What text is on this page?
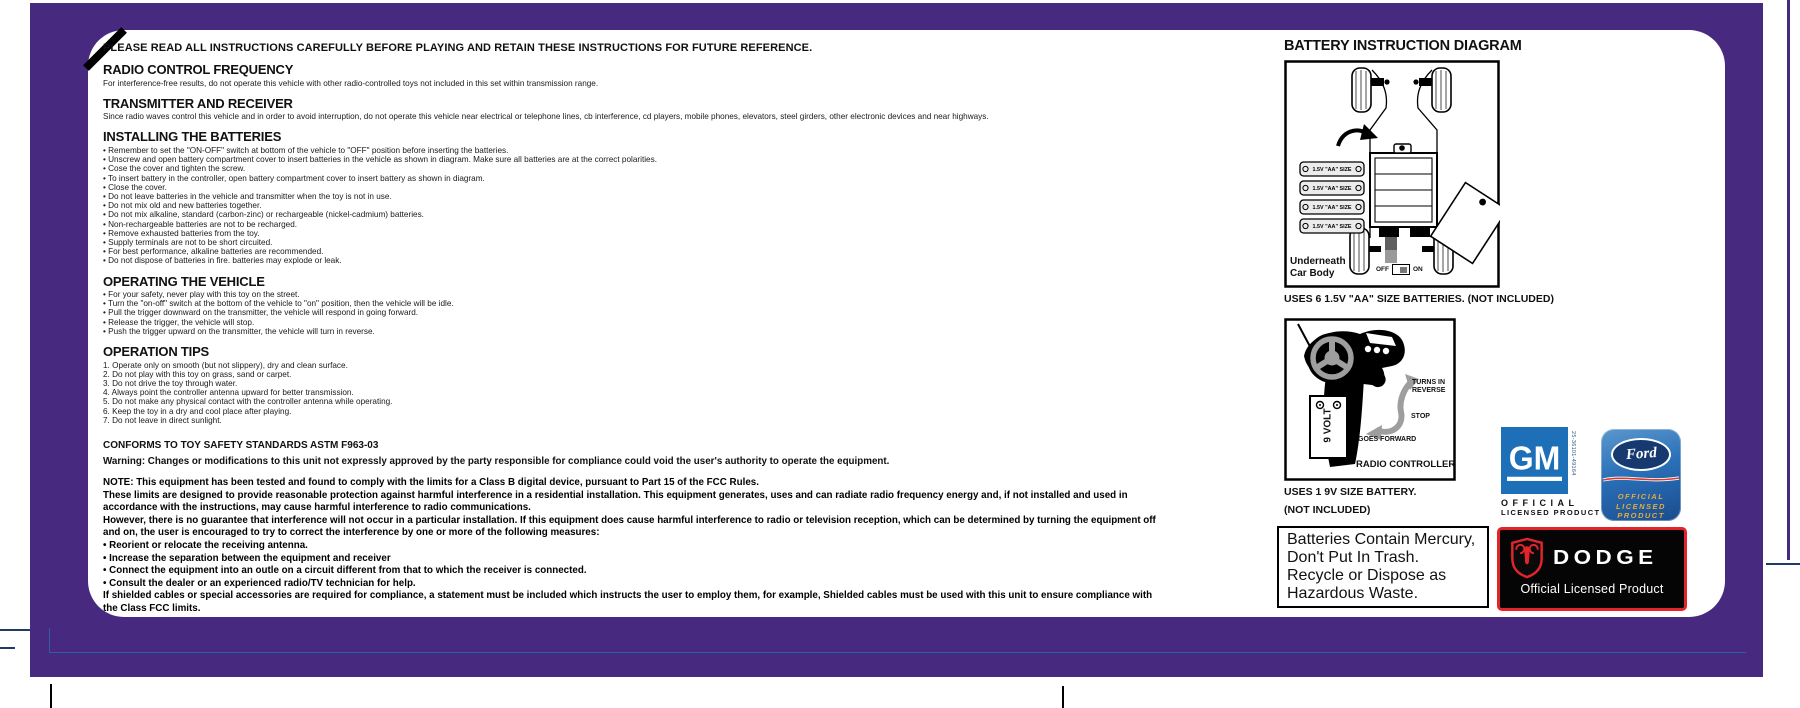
PLEASE READ ALL INSTRUCTIONS CAREFULLY BEFORE PLAYING AND RETAIN THESE INSTRUCTIONS FOR FUTURE REFERENCE.
RADIO CONTROL FREQUENCY
For interference-free results, do not operate this vehicle with other radio-controlled toys not included in this set within transmission range.
TRANSMITTER AND RECEIVER
Since radio waves control this vehicle and in order to avoid interruption, do not operate this vehicle near electrical or telephone lines, cb interference, cd players, mobile phones, elevators, steel girders, other electronic devices and near highways.
INSTALLING THE BATTERIES
• Remember to set the "ON-OFF" switch at bottom of the vehicle to "OFF" position before inserting the batteries.
• Unscrew and open battery compartment cover to insert batteries in the vehicle as shown in diagram. Make sure all batteries are at the correct polarities.
• Cose the cover and tighten the screw.
• To insert battery in the controller, open battery compartment cover to insert battery as shown in diagram.
• Close the cover.
• Do not leave batteries in the vehicle and transmitter when the toy is not in use.
• Do not mix old and new batteries together.
• Do not mix alkaline, standard (carbon-zinc) or rechargeable (nickel-cadmium) batteries.
• Non-rechargeable batteries are not to be recharged.
• Remove exhausted batteries from the toy.
• Supply terminals are not to be short circuited.
• For best performance, alkaline batteries are recommended.
• Do not dispose of batteries in fire. batteries may explode or leak.
OPERATING THE VEHICLE
• For your safety, never play with this toy on the street.
• Turn the "on-off" switch at the bottom of the vehicle to "on" position, then the vehicle will be idle.
• Pull the trigger downward on the transmitter, the vehicle will respond in going forward.
• Release the trigger, the vehicle will stop.
• Push the trigger upward on the transmitter, the vehicle will turn in reverse.
OPERATION TIPS
1. Operate only on smooth (but not slippery), dry and clean surface.
2. Do not play with this toy on grass, sand or carpet.
3. Do not drive the toy through water.
4. Always point the controller antenna upward for better transmission.
5. Do not make any physical contact with the controller antenna while operating.
6. Keep the toy in a dry and cool place after playing.
7. Do not leave in direct sunlight.
CONFORMS TO TOY SAFETY STANDARDS ASTM F963-03
Warning: Changes or modifications to this unit not expressly approved by the party responsible for compliance could void the user's authority to operate the equipment.
NOTE: This equipment has been tested and found to comply with the limits for a Class B digital device, pursuant to Part 15 of the FCC Rules.
These limits are designed to provide reasonable protection against harmful interference in a residential installation. This equipment generates, uses and can radiate radio frequency energy and, if not installed and used in
accordance with the instructions, may cause harmful interference to radio communications.
However, there is no guarantee that interference will not occur in a particular installation. If this equipment does cause harmful interference to radio or television reception, which can be determined by turning the equipment off
and on, the user is encouraged to try to correct the interference by one or more of the following measures:
• Reorient or relocate the receiving antenna.
• Increase the separation between the equipment and receiver
• Connect the equipment into an outle on a circuit different from that to which the receiver is connected.
• Consult the dealer or an experienced radio/TV technician for help.
If shielded cables or special accessories are required for compliance, a statement must be included which instructs the user to employ them, for example, Shielded cables must be used with this unit to ensure compliance with
the Class FCC limits.
BATTERY INSTRUCTION DIAGRAM
1.5V "AA" SIZE
1.5V "AA" SIZE
1.5V "AA" SIZE
1.5V "AA" SIZE
Underneath
Car Body	OFF	ON
USES 6 1.5V "AA" SIZE BATTERIES. (NOT INCLUDED)
TURNS IN
REVERSE
STOP
GOES FORWARD
RADIO CONTROLLER
9 VOLT
USES 1 9V SIZE BATTERY.
(NOT INCLUDED)
Batteries Contain Mercury,
Don't Put In Trash.
Recycle or Dispose as
Hazardous Waste.
GM	25-36101-49164
OFFICIAL
LICENSED PRODUCT
Ford
OFFICIAL
LICENSED
PRODUCT
DODGE
Official Licensed Product
